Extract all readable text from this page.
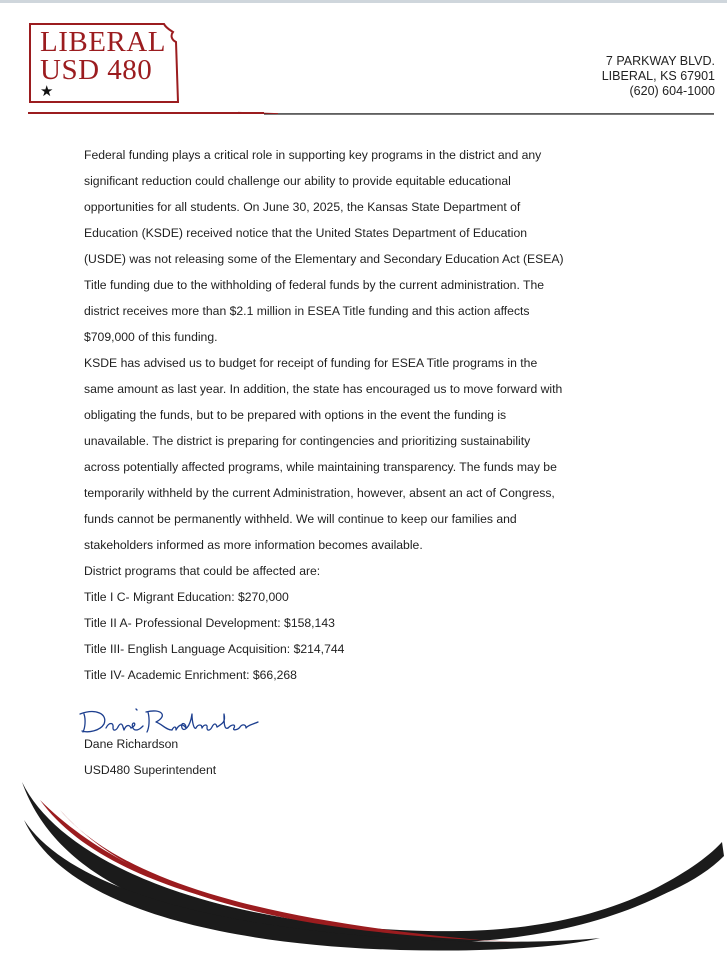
LIBERAL
USD 480
★
7 PARKWAY BLVD.
LIBERAL, KS 67901
(620) 604-1000

Federal funding plays a critical role in supporting key programs in the district and any
significant reduction could challenge our ability to provide equitable educational
opportunities for all students. On June 30, 2025, the Kansas State Department of
Education (KSDE) received notice that the United States Department of Education
(USDE) was not releasing some of the Elementary and Secondary Education Act (ESEA)
Title funding due to the withholding of federal funds by the current administration. The
district receives more than $2.1 million in ESEA Title funding and this action affects
$709,000 of this funding.

KSDE has advised us to budget for receipt of funding for ESEA Title programs in the
same amount as last year. In addition, the state has encouraged us to move forward with
obligating the funds, but to be prepared with options in the event the funding is
unavailable. The district is preparing for contingencies and prioritizing sustainability
across potentially affected programs, while maintaining transparency. The funds may be
temporarily withheld by the current Administration, however, absent an act of Congress,
funds cannot be permanently withheld. We will continue to keep our families and
stakeholders informed as more information becomes available.

District programs that could be affected are:

Title I C- Migrant Education: $270,000

Title II A- Professional Development: $158,143

Title III- English Language Acquisition: $214,744

Title IV- Academic Enrichment: $66,268

Dane Richardson
USD480 Superintendent
